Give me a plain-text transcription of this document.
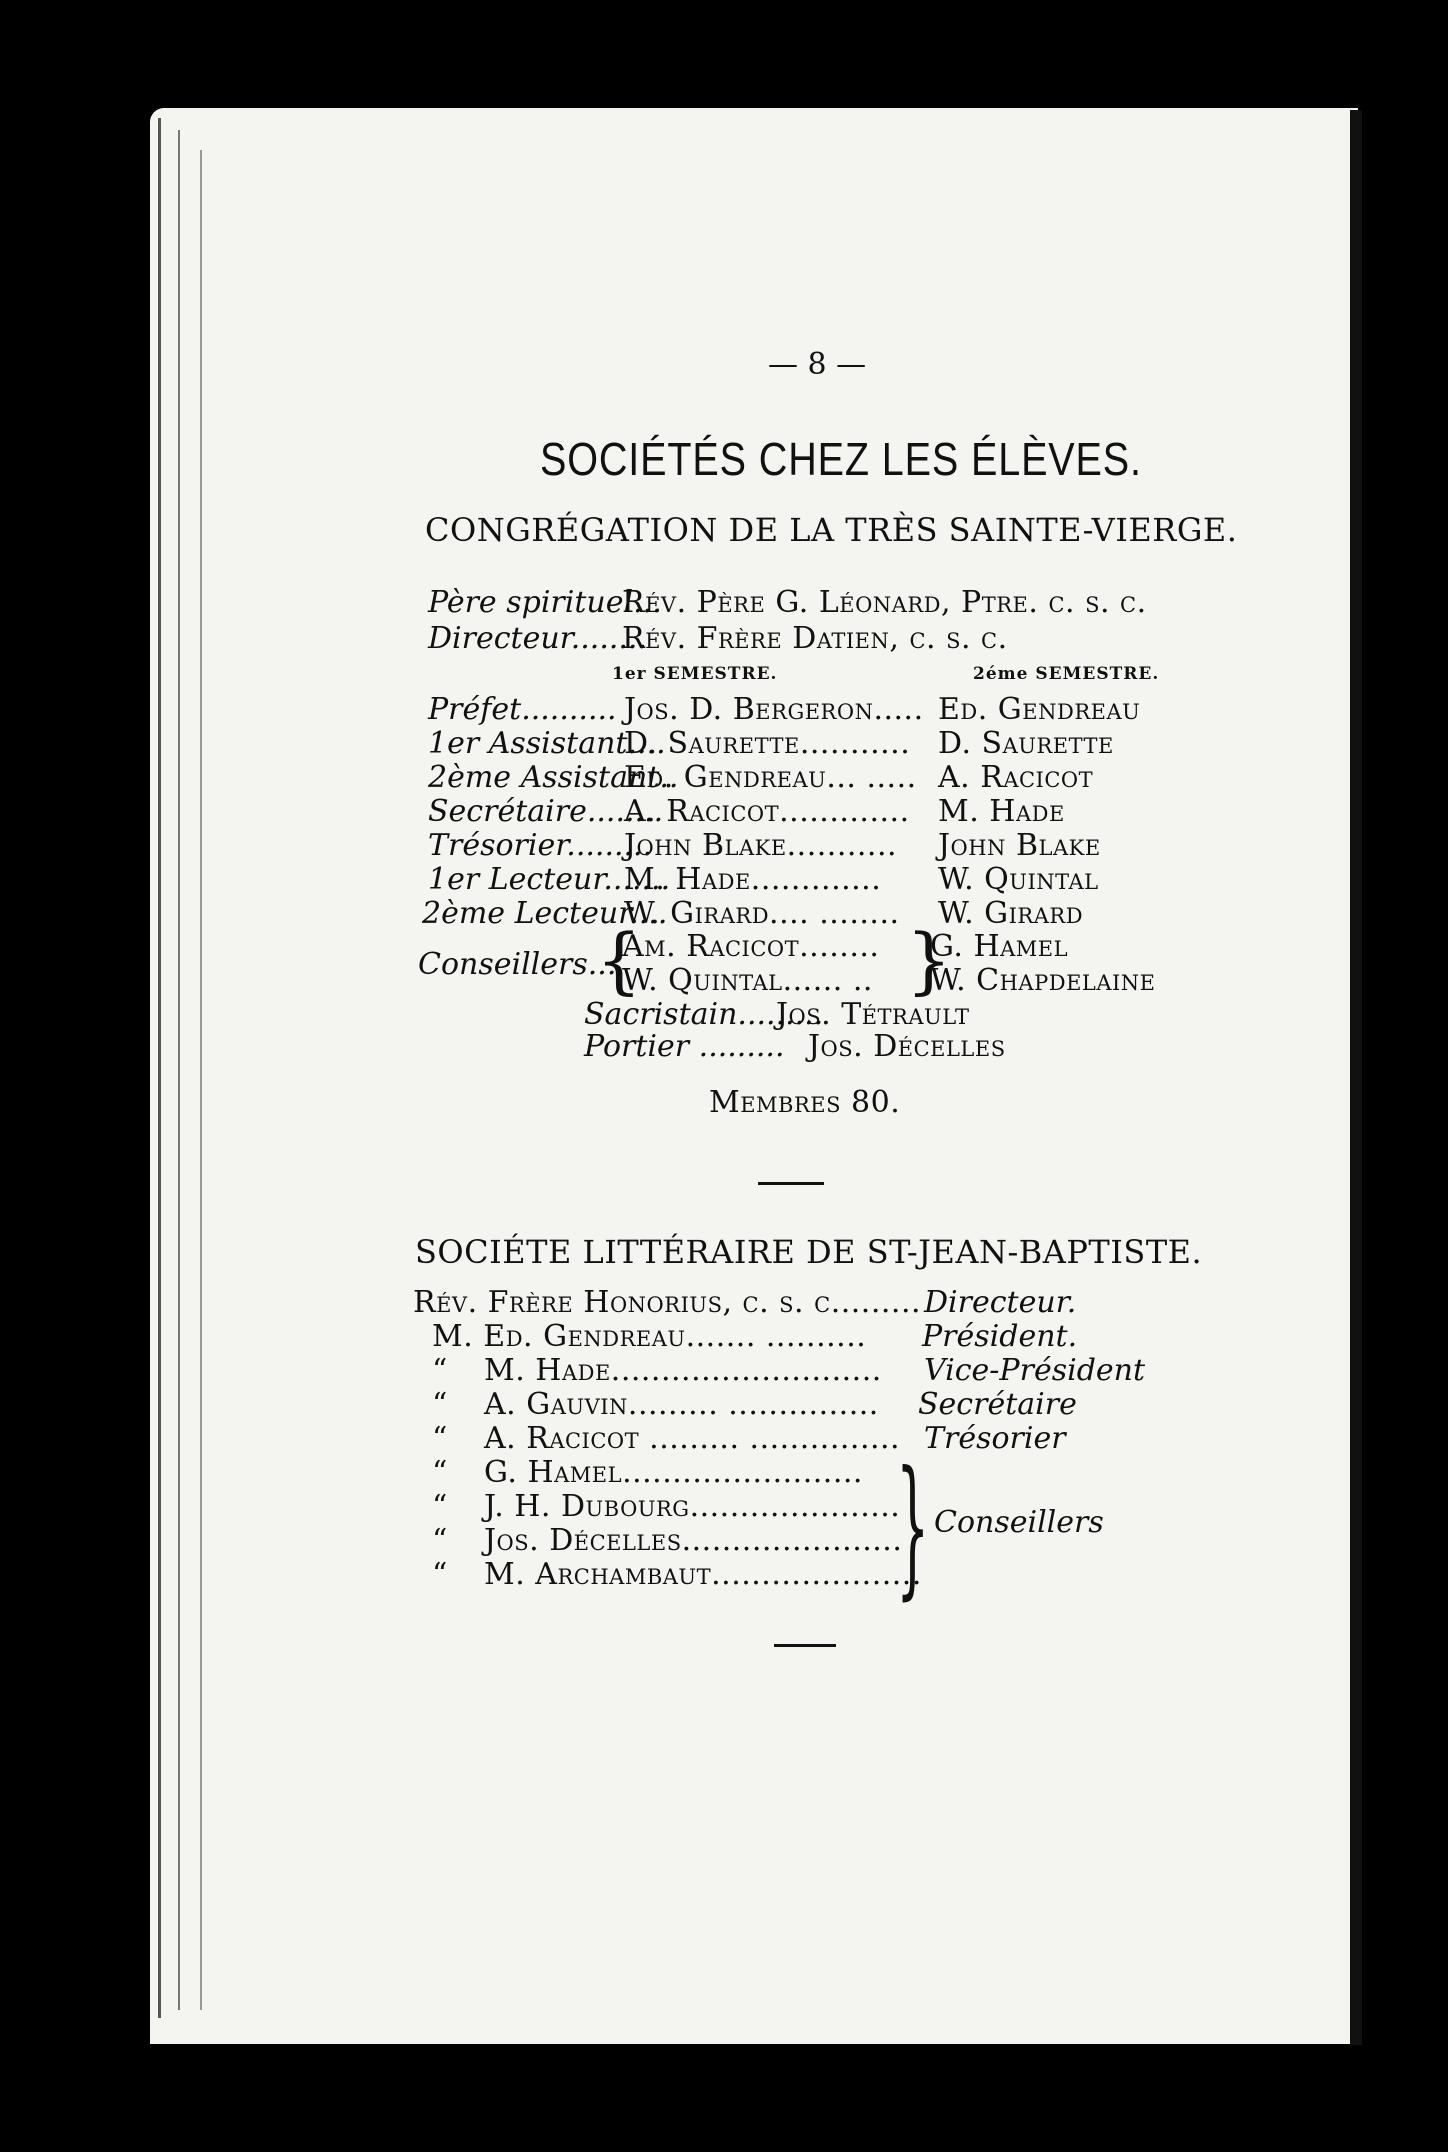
— 8 —
SOCIÉTÉS CHEZ LES ÉLÈVES.
CONGRÉGATION DE LA TRÈS SAINTE-VIERGE.
Père spirituel...
Rév. Père G. Léonard, Ptre. c. s. c.
Directeur........
Rév. Frère Datien, c. s. c.
1er SEMESTRE.	2éme SEMESTRE.
Préfet.......... Jos. D. Bergeron..... Ed. Gendreau
1er Assistant....
D. Saurette........... D. Saurette
2ème Assistant..
Ed. Gendreau... ..... A. Racicot
Secrétaire........
A. Racicot............. M. Hade
Trésorier.........
John Blake........... John Blake
1er Lecteur.......
M. Hade............. W. Quintal
2ème Lecteur....
W. Girard.... ........ W. Girard
Conseillers...
{
Am. Racicot........
W. Quintal...... .. }
G. Hamel
W. Chapdelaine
Sacristain.........
Jos. Tétrault
Portier ......... Jos. Décelles
Membres 80.
SOCIÉTE LITTÉRAIRE DE ST-JEAN-BAPTISTE.
Rév. Frère Honorius, c. s. c......... Directeur.
M. Ed. Gendreau....... .......... Président.
“ M. Hade........................... Vice-Président
“ A. Gauvin......... ............... Secrétaire
“ A. Racicot ......... ............... Trésorier
“ G. Hamel........................
“ J. H. Dubourg.....................
“ Jos. Décelles......................
“ M. Archambaut.....................
} Conseillers
